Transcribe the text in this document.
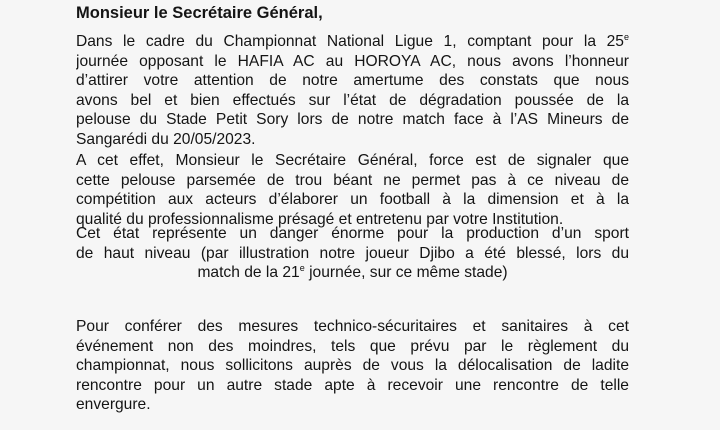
Monsieur le Secrétaire Général,
Dans le cadre du Championnat National Ligue 1, comptant pour la 25e
journée opposant le HAFIA AC au HOROYA AC, nous avons l’honneur
d’attirer votre attention de notre amertume des constats que nous
avons bel et bien effectués sur l’état de dégradation poussée de la
pelouse du Stade Petit Sory lors de notre match face à l’AS Mineurs de
Sangarédi du 20/05/2023.
A cet effet, Monsieur le Secrétaire Général, force est de signaler que
cette pelouse parsemée de trou béant ne permet pas à ce niveau de
compétition aux acteurs d’élaborer un football à la dimension et à la
qualité du professionnalisme présagé et entretenu par votre Institution.
Cet état représente un danger énorme pour la production d’un sport
de haut niveau (par illustration notre joueur Djibo a été blessé, lors du
match de la 21e journée, sur ce même stade)
Pour conférer des mesures technico-sécuritaires et sanitaires à cet
événement non des moindres, tels que prévu par le règlement du
championnat, nous sollicitons auprès de vous la délocalisation de ladite
rencontre pour un autre stade apte à recevoir une rencontre de telle
envergure.
